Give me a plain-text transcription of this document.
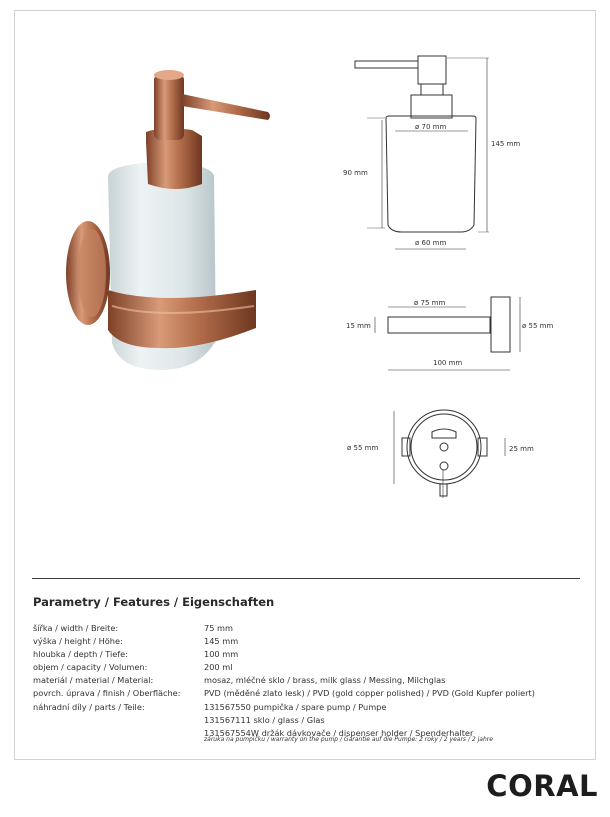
ø 70 mm
90 mm
145 mm
ø 60 mm
ø 75 mm
15 mm	ø 55 mm
100 mm
ø 55 mm	25 mm
Parametry / Features / Eigenschaften
šířka / width / Breite:	75 mm
výška / height / Höhe:	145 mm
hloubka / depth / Tiefe:	100 mm
objem / capacity / Volumen:	200 ml
materiál / material / Material:	mosaz, mléčné sklo / brass, milk glass / Messing, Milchglas
povrch. úprava / finish / Oberfläche:	PVD (měděné zlato lesk) / PVD (gold copper polished) / PVD (Gold Kupfer poliert)
náhradní díly / parts / Teile:	131567550 pumpička / spare pump / Pumpe
131567111 sklo / glass / Glas
131567554W držák dávkovače / dispenser holder / Spenderhalter
záruka na pumpičku / warranty on the pump / Garantie auf die Pumpe: 2 roky / 2 years / 2 jahre
CORAL
